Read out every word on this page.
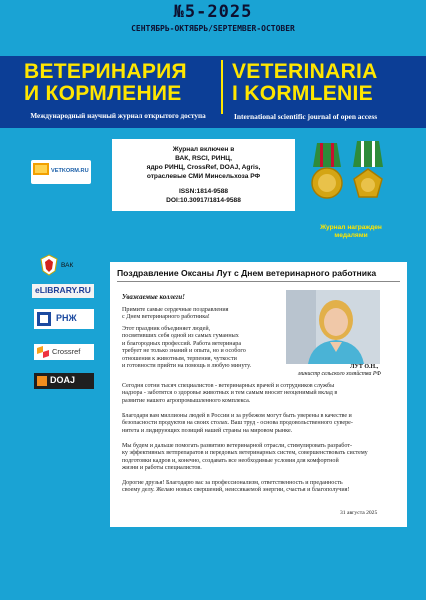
№5-2025
СЕНТЯБРЬ-ОКТЯБРЬ/SEPTEMBER-OCTOBER
ВЕТЕРИНАРИЯ
И КОРМЛЕНИЕ
VETERINARIA
I KORMLENIE
Международный научный журнал открытого доступа	International scientific journal of open access
VETKORM.RU
ВАК
eLIBRARY.RU
РНЖ
Crossref
DOAJ
Журнал включен в
ВАК, RSCI, РИНЦ,
ядро РИНЦ, CrossRef, DOAJ, Agris,
отраслевые СМИ Минсельхоза РФ
ISSN:1814-9588
DOI:10.30917/1814-9588
Журнал награжден
медалями
Поздравление Оксаны Лут с Днем ветеринарного работника
Уважаемые коллеги!
Примите самые сердечные поздравления
с Днем ветеринарного работника!
Этот праздник объединяет людей,
посвятивших себя одной из самых гуманных
и благородных профессий. Работа ветеринара
требует не только знаний и опыта, но и особого
отношения к животным, терпения, чуткости
и готовности прийти на помощь в любую минуту.	ЛУТ О.Н.,
министр сельского хозяйства РФ
Сегодня сотни тысяч специалистов - ветеринарных врачей и сотрудников службы
надзора - заботятся о здоровье животных и тем самым вносят неоценимый вклад в
развитие нашего агропромышленного комплекса.
Благодаря вам миллионы людей в России и за рубежом могут быть уверены в качестве и
безопасности продуктов на своих столах. Ваш труд - основа продовольственного сувере-
нитета и лидирующих позиций нашей страны на мировом рынке.
Мы будем и дальше помогать развитию ветеринарной отрасли, стимулировать разработ-
ку эффективных ветпрепаратов и передовых ветеринарных систем, совершенствовать систему
подготовки кадров и, конечно, создавать все необходимые условия для комфортной
жизни и работы специалистов.
Дорогие друзья! Благодарю вас за профессионализм, ответственность и преданность
своему делу. Желаю новых свершений, неиссякаемой энергии, счастья и благополучия!
31 августа 2025
